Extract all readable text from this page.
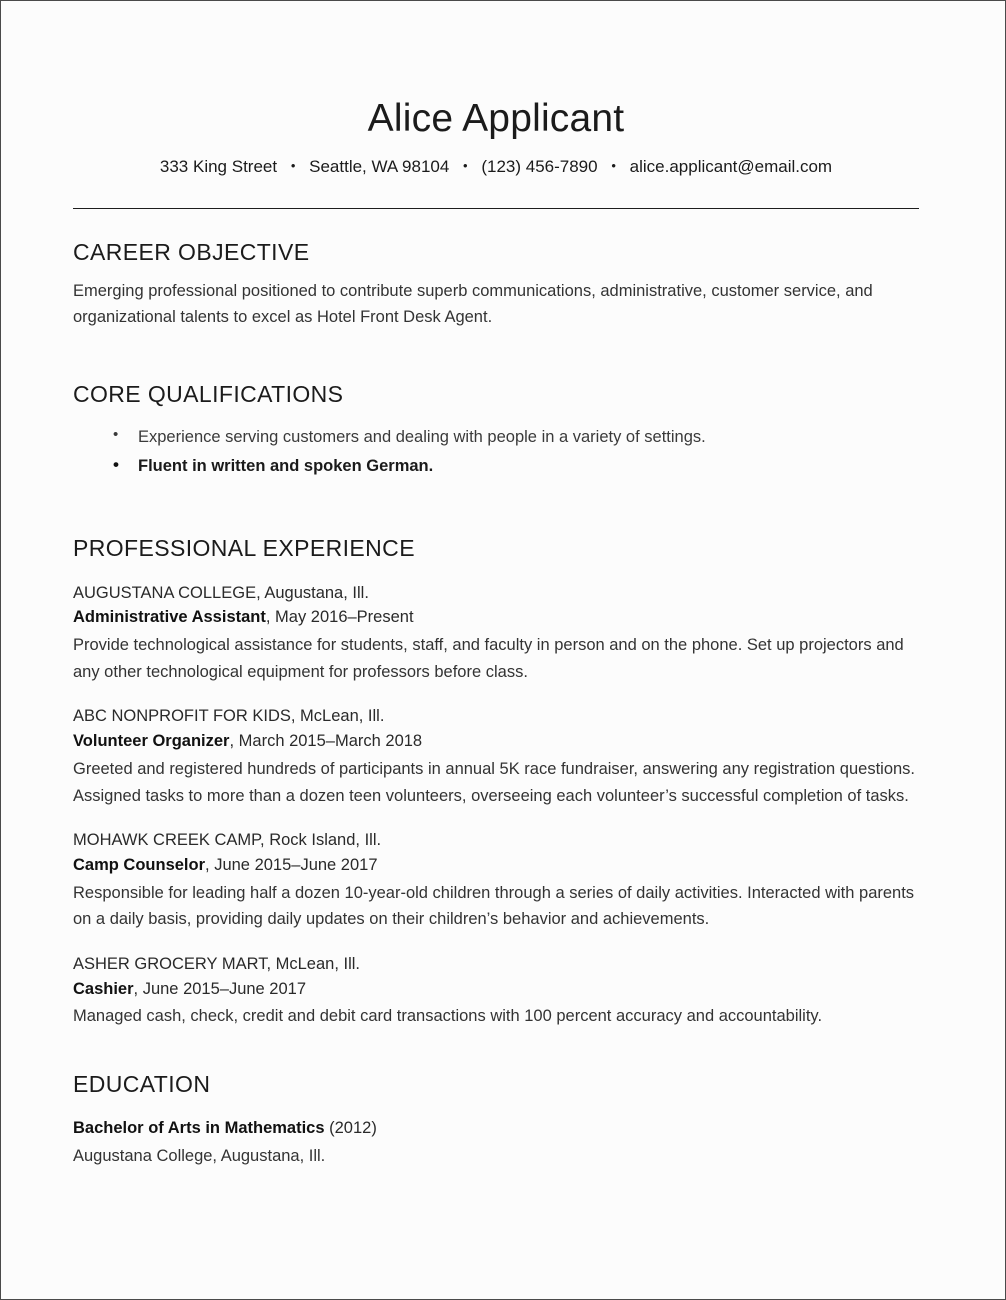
Alice Applicant
333 King Street • Seattle, WA 98104 • (123) 456-7890 • alice.applicant@email.com
CAREER OBJECTIVE
Emerging professional positioned to contribute superb communications, administrative, customer service, and organizational talents to excel as Hotel Front Desk Agent.
CORE QUALIFICATIONS
• Experience serving customers and dealing with people in a variety of settings.
• Fluent in written and spoken German.
PROFESSIONAL EXPERIENCE
AUGUSTANA COLLEGE, Augustana, Ill.
Administrative Assistant, May 2016–Present
Provide technological assistance for students, staff, and faculty in person and on the phone. Set up projectors and any other technological equipment for professors before class.
ABC NONPROFIT FOR KIDS, McLean, Ill.
Volunteer Organizer, March 2015–March 2018
Greeted and registered hundreds of participants in annual 5K race fundraiser, answering any registration questions. Assigned tasks to more than a dozen teen volunteers, overseeing each volunteer’s successful completion of tasks.
MOHAWK CREEK CAMP, Rock Island, Ill.
Camp Counselor, June 2015–June 2017
Responsible for leading half a dozen 10-year-old children through a series of daily activities. Interacted with parents on a daily basis, providing daily updates on their children’s behavior and achievements.
ASHER GROCERY MART, McLean, Ill.
Cashier, June 2015–June 2017
Managed cash, check, credit and debit card transactions with 100 percent accuracy and accountability.
EDUCATION
Bachelor of Arts in Mathematics (2012)
Augustana College, Augustana, Ill.
